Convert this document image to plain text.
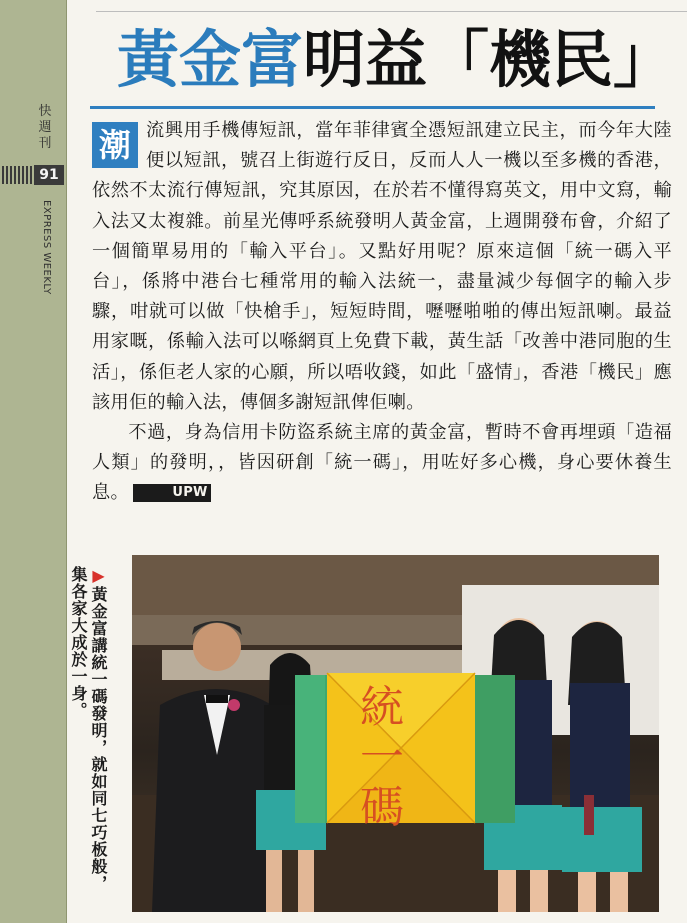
快
週
刊
91
EXPRESS WEEKLY
黃金富明益「機民」
潮 流興用手機傳短訊，當年菲律賓全憑短訊建立民主，而今年大陸便以短訊，號召上街遊行反日，反而人人一機以至多機的香港，依然不太流行傳短訊，究其原因，在於若不懂得寫英文，用中文寫，輸入法又太複雜。前星光傳呼系統發明人黃金富，上週開發布會，介紹了一個簡單易用的「輸入平台」。又點好用呢？原來這個「統一碼入平台」，係將中港台七種常用的輸入法統一，盡量減少每個字的輸入步驟，咁就可以做「快槍手」，短短時間，嚦嚦啪啪的傳出短訊喇。最益用家嘅，係輸入法可以喺網頁上免費下載，黃生話「改善中港同胞的生活」，係佢老人家的心願，所以唔收錢，如此「盛情」，香港「機民」應該用佢的輸入法，傳個多謝短訊俾佢喇。

不過，身為信用卡防盜系統主席的黃金富，暫時不會再埋頭「造福人類」的發明，，皆因研創「統一碼」，用咗好多心機，身心要休養生息。	UPW

▶黃金富講統一碼發明，就如同七巧板般，集各家大成於一身。	統
一
碼
